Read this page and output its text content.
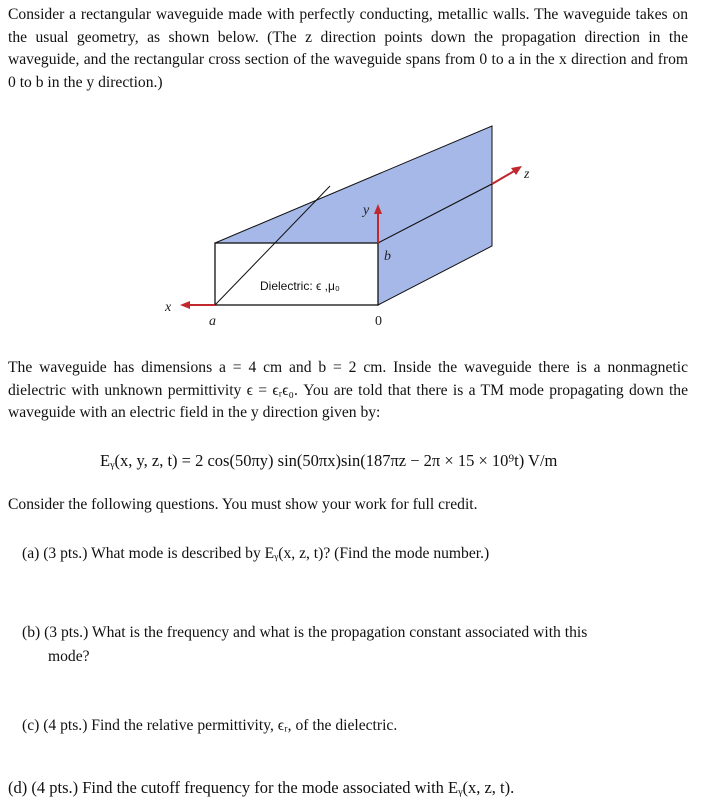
Consider a rectangular waveguide made with perfectly conducting, metallic walls. The waveguide takes on the usual geometry, as shown below. (The z direction points down the propagation direction in the waveguide, and the rectangular cross section of the waveguide spans from 0 to a in the x direction and from 0 to b in the y direction.)
y
x
z
b
a	0
Dielectric: ϵ ,μ₀
The waveguide has dimensions a = 4 cm and b = 2 cm. Inside the waveguide there is a nonmagnetic dielectric with unknown permittivity ϵ = ϵᵣϵ₀. You are told that there is a TM mode propagating down the waveguide with an electric field in the y direction given by:
Eᵧ(x, y, z, t) = 2 cos(50πy) sin(50πx)sin(187πz − 2π × 15 × 10⁹t) V/m
Consider the following questions. You must show your work for full credit.
(a) (3 pts.) What mode is described by Eᵧ(x, z, t)? (Find the mode number.)
(b) (3 pts.) What is the frequency and what is the propagation constant associated with this
mode?
(c) (4 pts.) Find the relative permittivity, ϵᵣ, of the dielectric.
(d) (4 pts.) Find the cutoff frequency for the mode associated with Eᵧ(x, z, t).
